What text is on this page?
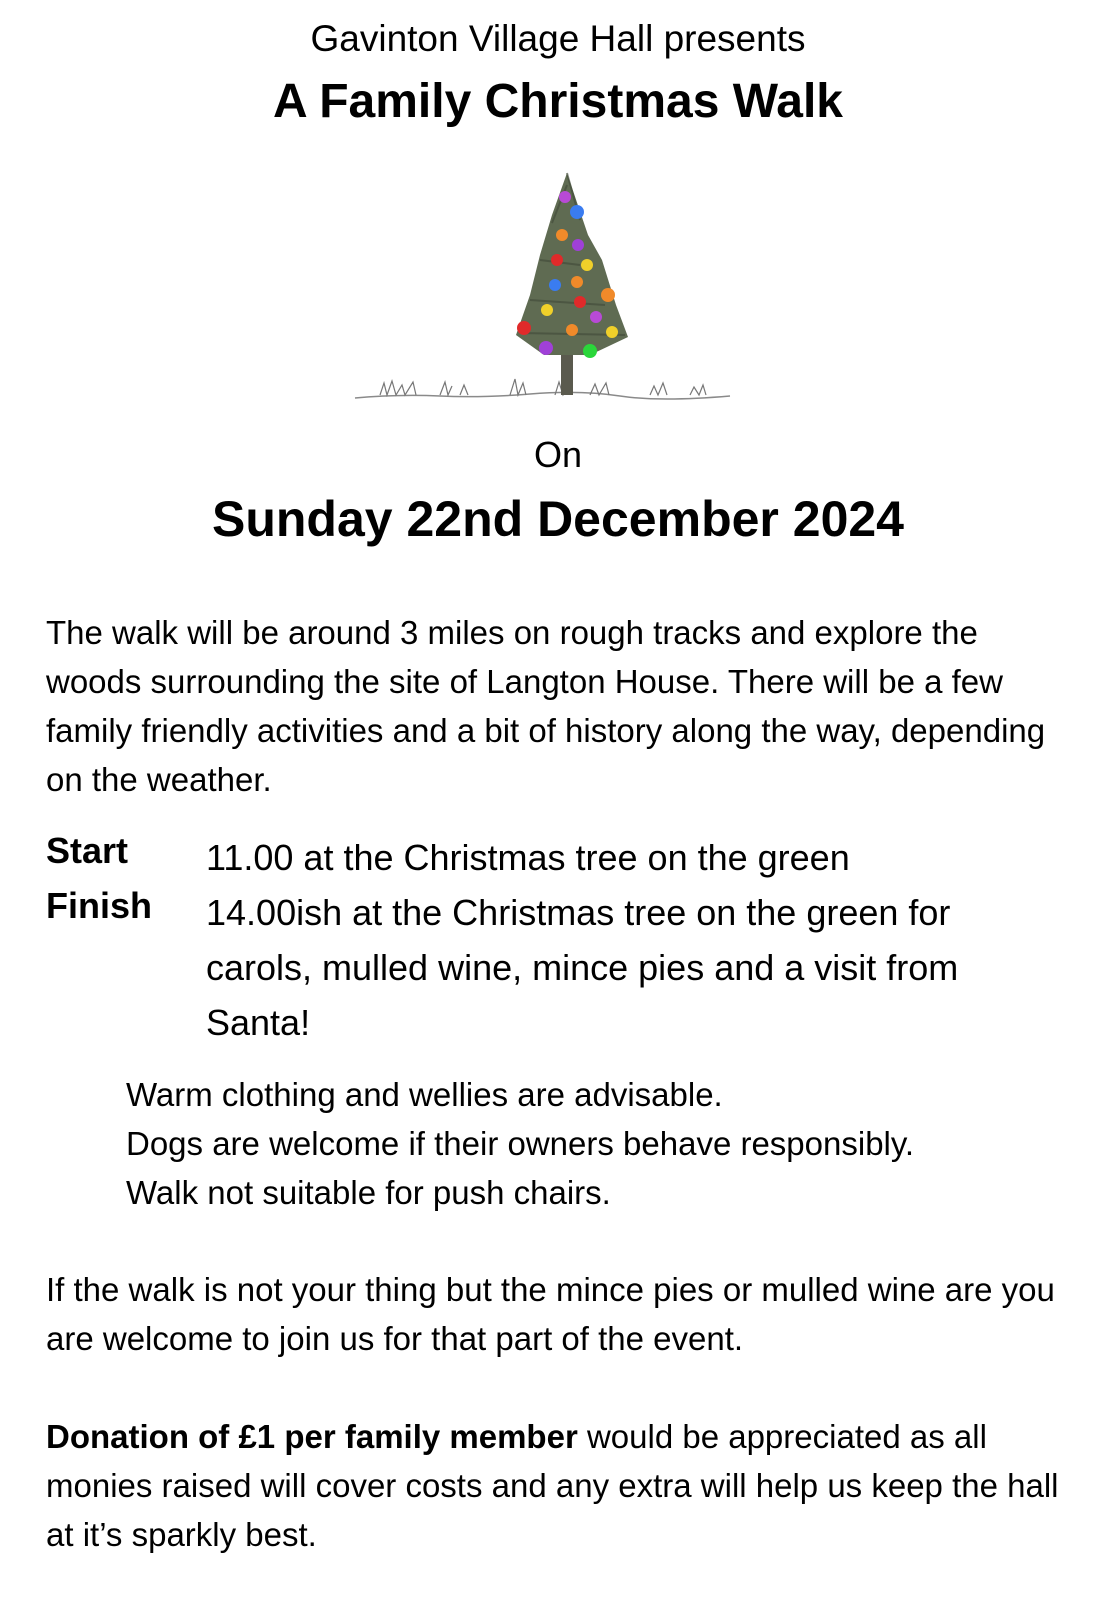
Gavinton Village Hall presents
A Family Christmas Walk
On
Sunday 22nd December 2024
The walk will be around 3 miles on rough tracks and explore the woods surrounding the site of Langton House. There will be a few family friendly activities and a bit of history along the way, depending on the weather.
Start 11.00 at the Christmas tree on the green
Finish 14.00ish at the Christmas tree on the green for carols, mulled wine, mince pies and a visit from Santa!
Warm clothing and wellies are advisable.
Dogs are welcome if their owners behave responsibly.
Walk not suitable for push chairs.
If the walk is not your thing but the mince pies or mulled wine are you are welcome to join us for that part of the event.
Donation of £1 per family member would be appreciated as all monies raised will cover costs and any extra will help us keep the hall at it’s sparkly best.
